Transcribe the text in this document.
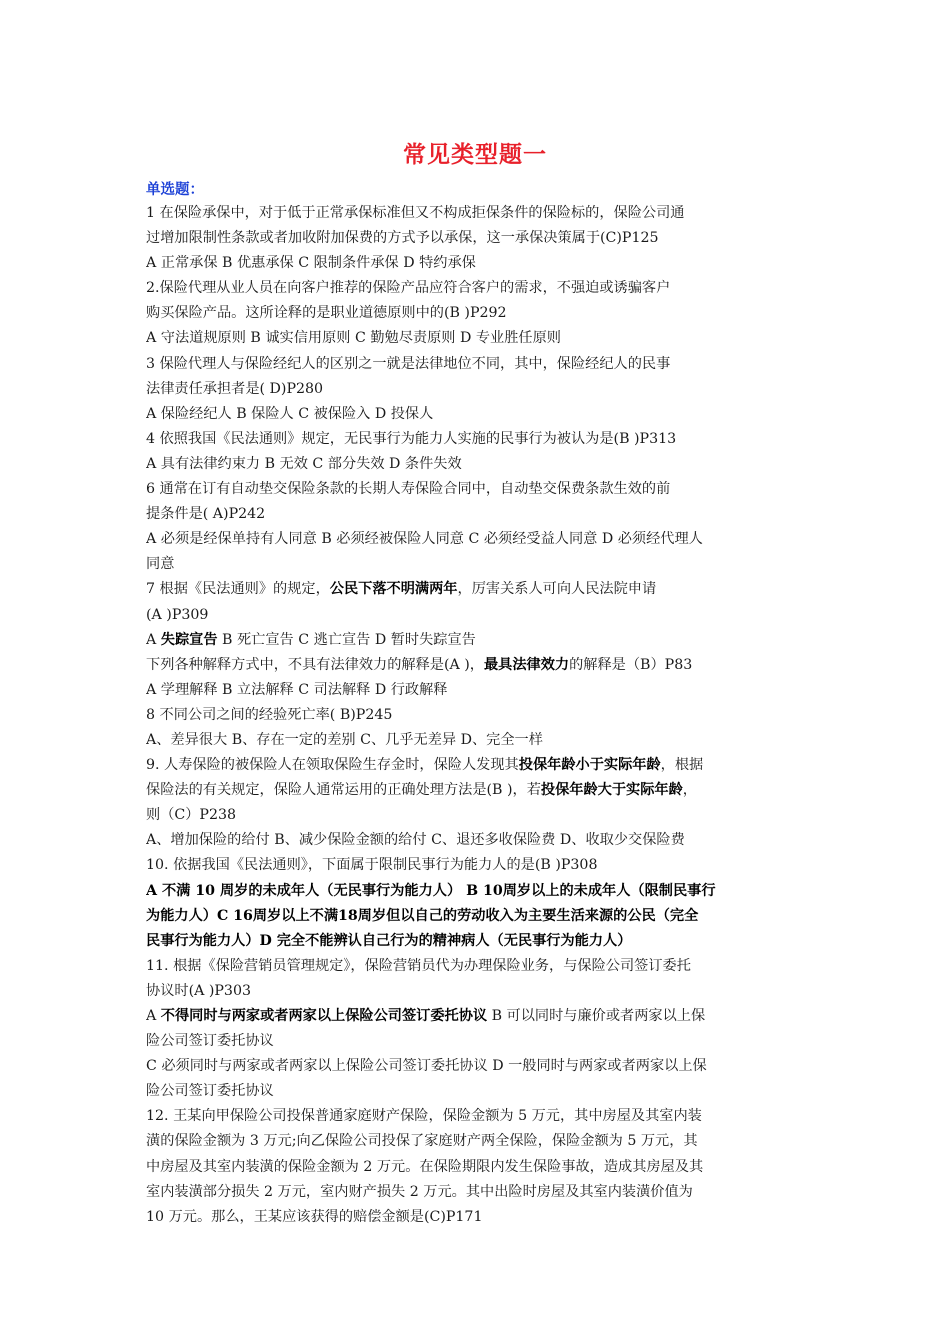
常见类型题一
单选题：
1 在保险承保中，对于低于正常承保标准但又不构成拒保条件的保险标的，保险公司通
过增加限制性条款或者加收附加保费的方式予以承保，这一承保决策属于(C)P125
A 正常承保 B 优惠承保 C 限制条件承保 D 特约承保
2.保险代理从业人员在向客户推荐的保险产品应符合客户的需求，不强迫或诱骗客户
购买保险产品。这所诠释的是职业道德原则中的(B )P292
A 守法道规原则 B 诚实信用原则 C 勤勉尽责原则 D 专业胜任原则
3 保险代理人与保险经纪人的区别之一就是法律地位不同，其中，保险经纪人的民事
法律责任承担者是( D)P280
A 保险经纪人 B 保险人 C 被保险入 D 投保人
4 依照我国《民法通则》规定，无民事行为能力人实施的民事行为被认为是(B )P313
A 具有法律约束力 B 无效 C 部分失效 D 条件失效
6 通常在订有自动垫交保险条款的长期人寿保险合同中，自动垫交保费条款生效的前
提条件是( A)P242
A 必须是经保单持有人同意 B 必须经被保险人同意 C 必须经受益人同意 D 必须经代理人
同意
7 根据《民法通则》的规定，公民下落不明满两年，厉害关系人可向人民法院申请
(A )P309
A 失踪宣告 B 死亡宣告 C 逃亡宣告 D 暂时失踪宣告
下列各种解释方式中，不具有法律效力的解释是(A )，最具法律效力的解释是（B）P83
A 学理解释 B 立法解释 C 司法解释 D 行政解释
8 不同公司之间的经验死亡率( B)P245
A、差异很大 B、存在一定的差别 C、几乎无差异 D、完全一样
9. 人寿保险的被保险人在领取保险生存金时，保险人发现其投保年龄小于实际年龄，根据
保险法的有关规定，保险人通常运用的正确处理方法是(B )，若投保年龄大于实际年龄，
则（C）P238
A、增加保险的给付 B、减少保险金额的给付 C、退还多收保险费 D、收取少交保险费
10. 依据我国《民法通则》，下面属于限制民事行为能力人的是(B )P308
A 不满 10 周岁的未成年人（无民事行为能力人） B 10周岁以上的未成年人（限制民事行
为能力人）C 16周岁以上不满18周岁但以自己的劳动收入为主要生活来源的公民（完全
民事行为能力人）D 完全不能辨认自己行为的精神病人（无民事行为能力人）
11. 根据《保险营销员管理规定》，保险营销员代为办理保险业务，与保险公司签订委托
协议时(A )P303
A 不得同时与两家或者两家以上保险公司签订委托协议 B 可以同时与廉价或者两家以上保
险公司签订委托协议
C 必须同时与两家或者两家以上保险公司签订委托协议 D 一般同时与两家或者两家以上保
险公司签订委托协议
12. 王某向甲保险公司投保普通家庭财产保险，保险金额为 5 万元，其中房屋及其室内装
潢的保险金额为 3 万元;向乙保险公司投保了家庭财产两全保险，保险金额为 5 万元，其
中房屋及其室内装潢的保险金额为 2 万元。在保险期限内发生保险事故，造成其房屋及其
室内装潢部分损失 2 万元，室内财产损失 2 万元。其中出险时房屋及其室内装潢价值为
10 万元。那么，王某应该获得的赔偿金额是(C)P171
